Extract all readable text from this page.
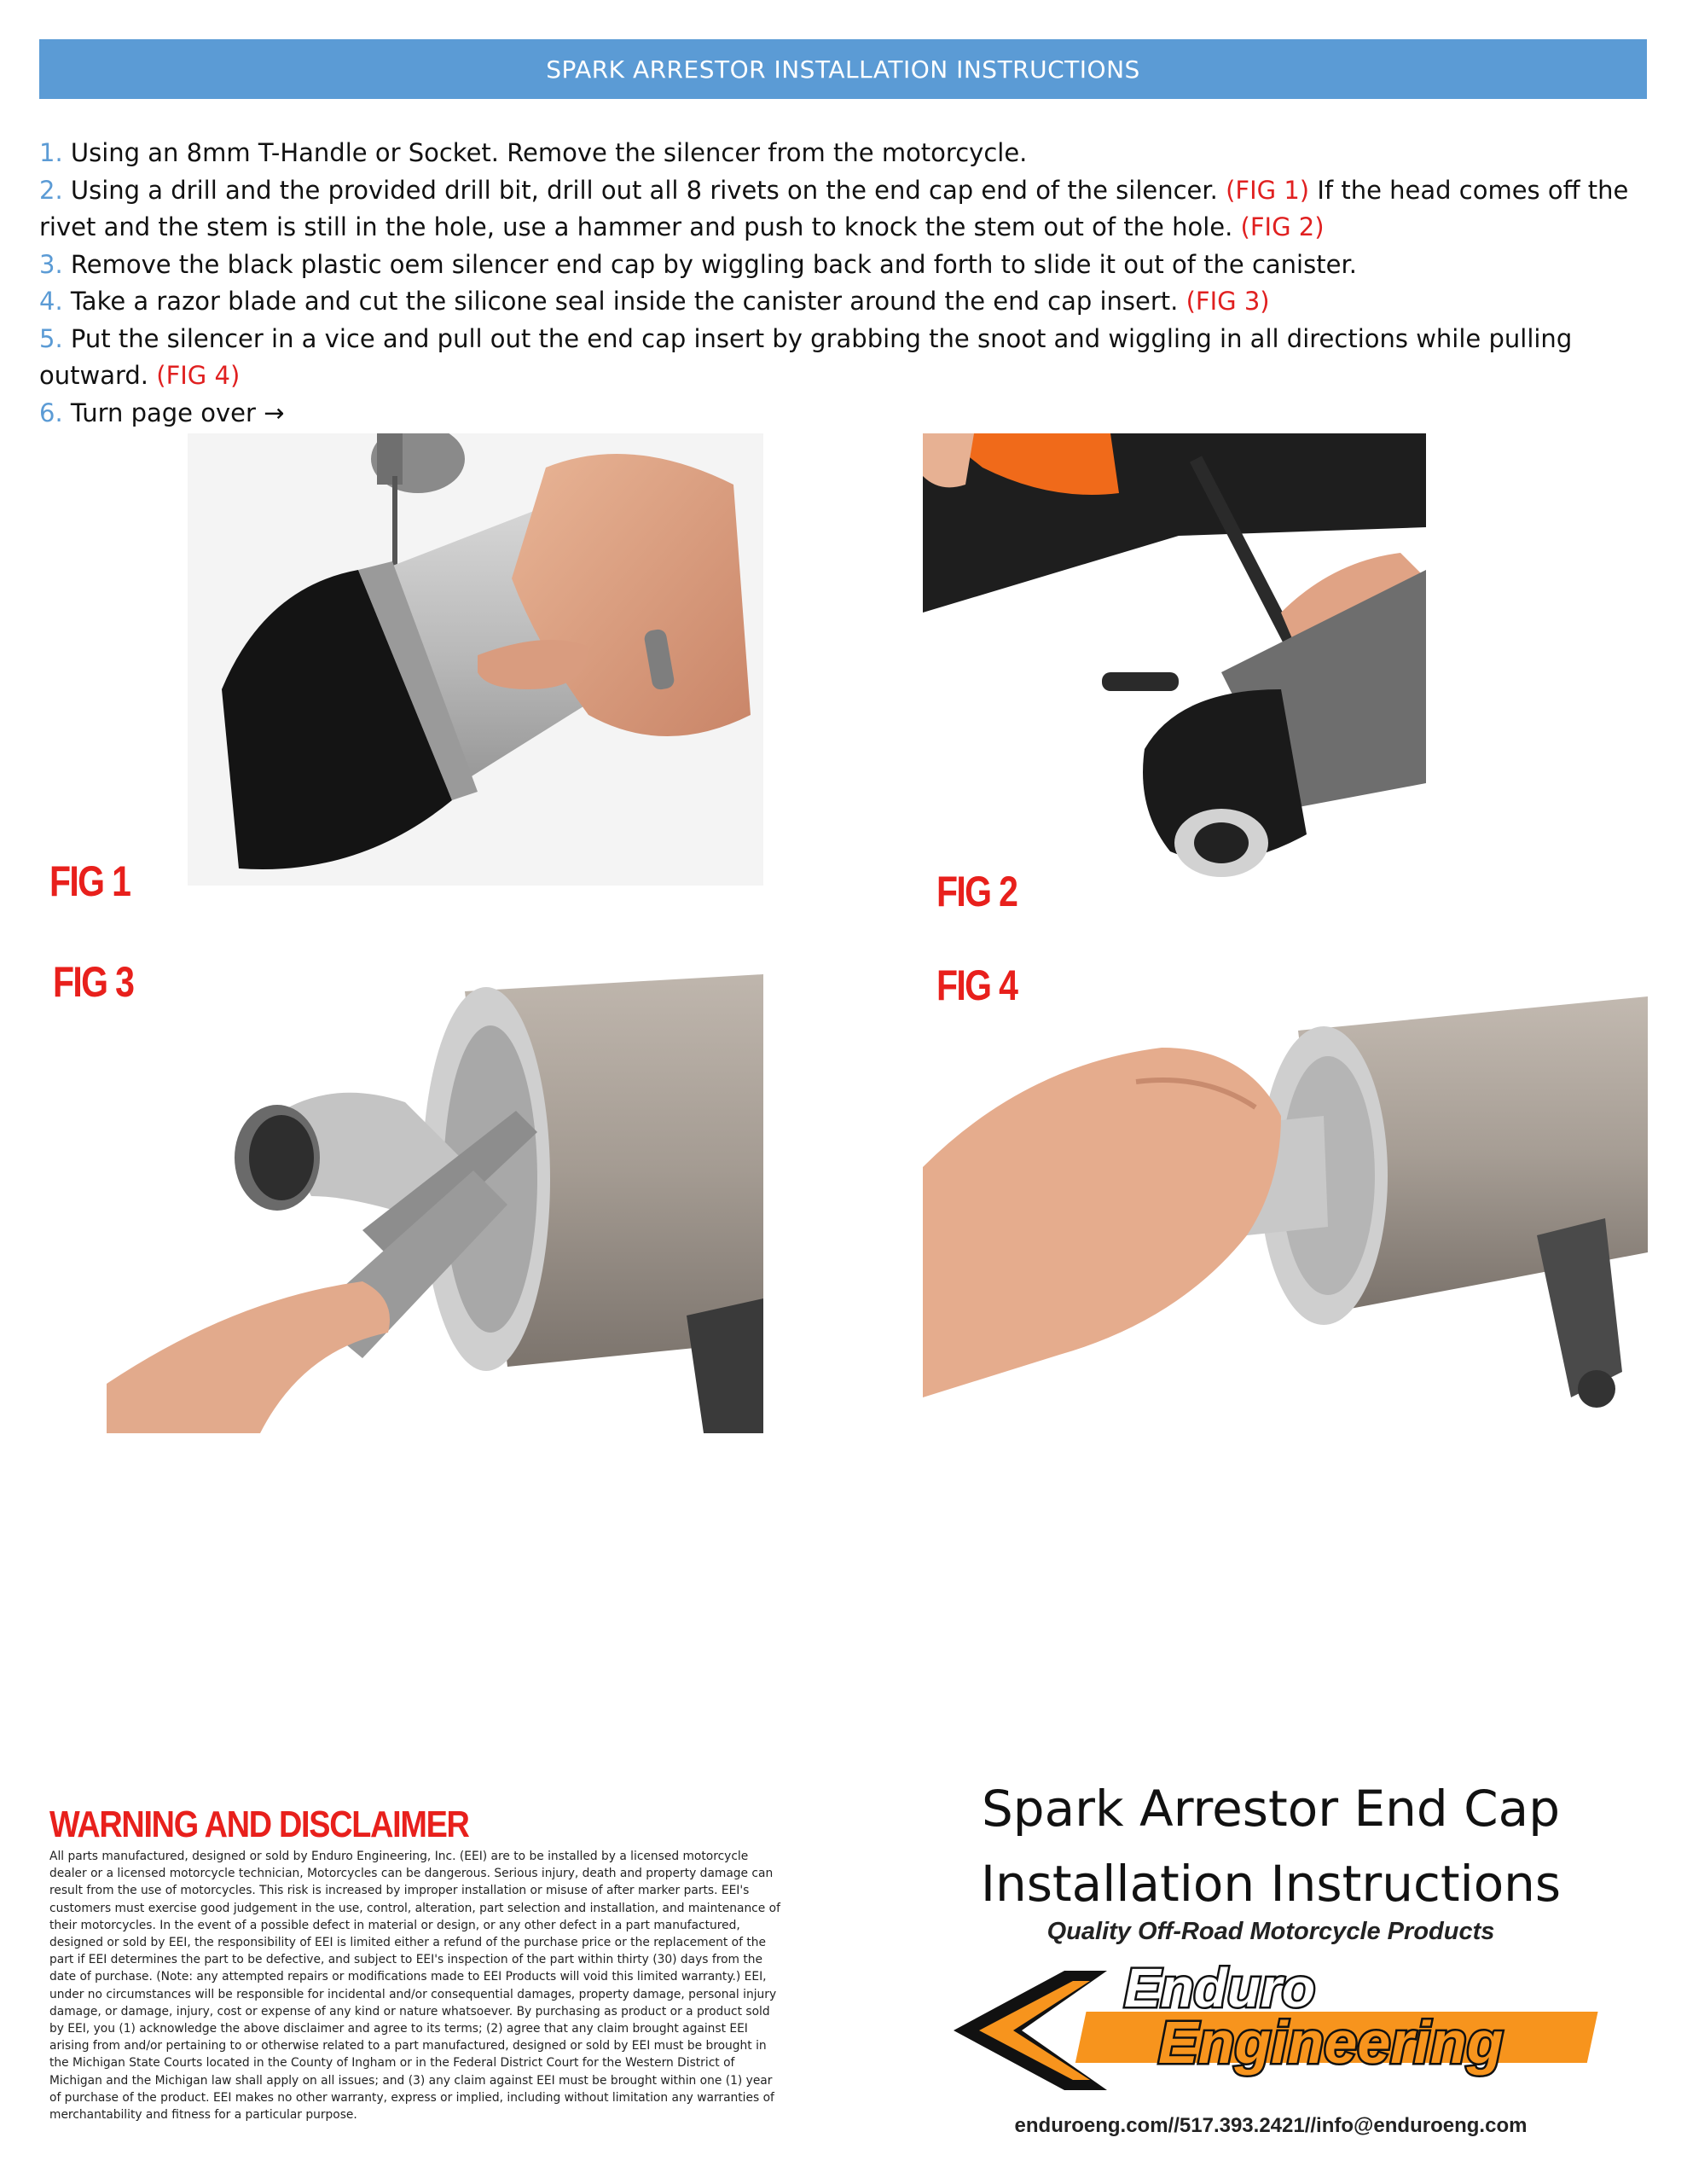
SPARK ARRESTOR INSTALLATION INSTRUCTIONS
1. Using an 8mm T-Handle or Socket. Remove the silencer from the motorcycle.
2. Using a drill and the provided drill bit, drill out all 8 rivets on the end cap end of the silencer. (FIG 1) If the head comes off the rivet and the stem is still in the hole, use a hammer and push to knock the stem out of the hole. (FIG 2)
3. Remove the black plastic oem silencer end cap by wiggling back and forth to slide it out of the canister.
4. Take a razor blade and cut the silicone seal inside the canister around the end cap insert. (FIG 3)
5. Put the silencer in a vice and pull out the end cap insert by grabbing the snoot and wiggling in all directions while pulling outward. (FIG 4)
6. Turn page over →
FIG 1	FIG 2
FIG 3	FIG 4
WARNING AND DISCLAIMER

All parts manufactured, designed or sold by Enduro Engineering, Inc. (EEI) are to be installed by a licensed motorcycle dealer or a licensed motorcycle technician, Motorcycles can be dangerous. Serious injury, death and property damage can result from the use of motorcycles. This risk is increased by improper installation or misuse of after marker parts. EEI's customers must exercise good judgement in the use, control, alteration, part selection and installation, and maintenance of their motorcycles. In the event of a possible defect in material or design, or any other defect in a part manufactured, designed or sold by EEI, the responsibility of EEI is limited either a refund of the purchase price or the replacement of the part if EEI determines the part to be defective, and subject to EEI's inspection of the part within thirty (30) days from the date of purchase. (Note: any attempted repairs or modifications made to EEI Products will void this limited warranty.) EEI, under no circumstances will be responsible for incidental and/or consequential damages, property damage, personal injury damage, or damage, injury, cost or expense of any kind or nature whatsoever. By purchasing as product or a product sold by EEI, you (1) acknowledge the above disclaimer and agree to its terms; (2) agree that any claim brought against EEI arising from and/or pertaining to or otherwise related to a part manufactured, designed or sold by EEI must be brought in the Michigan State Courts located in the County of Ingham or in the Federal District Court for the Western District of Michigan and the Michigan law shall apply on all issues; and (3) any claim against EEI must be brought within one (1) year of purchase of the product. EEI makes no other warranty, express or implied, including without limitation any warranties of merchantability and fitness for a particular purpose.

Spark Arrestor End Cap
Installation Instructions
Quality Off-Road Motorcycle Products
Enduro
Engineering
enduroeng.com//517.393.2421//info@enduroeng.com
